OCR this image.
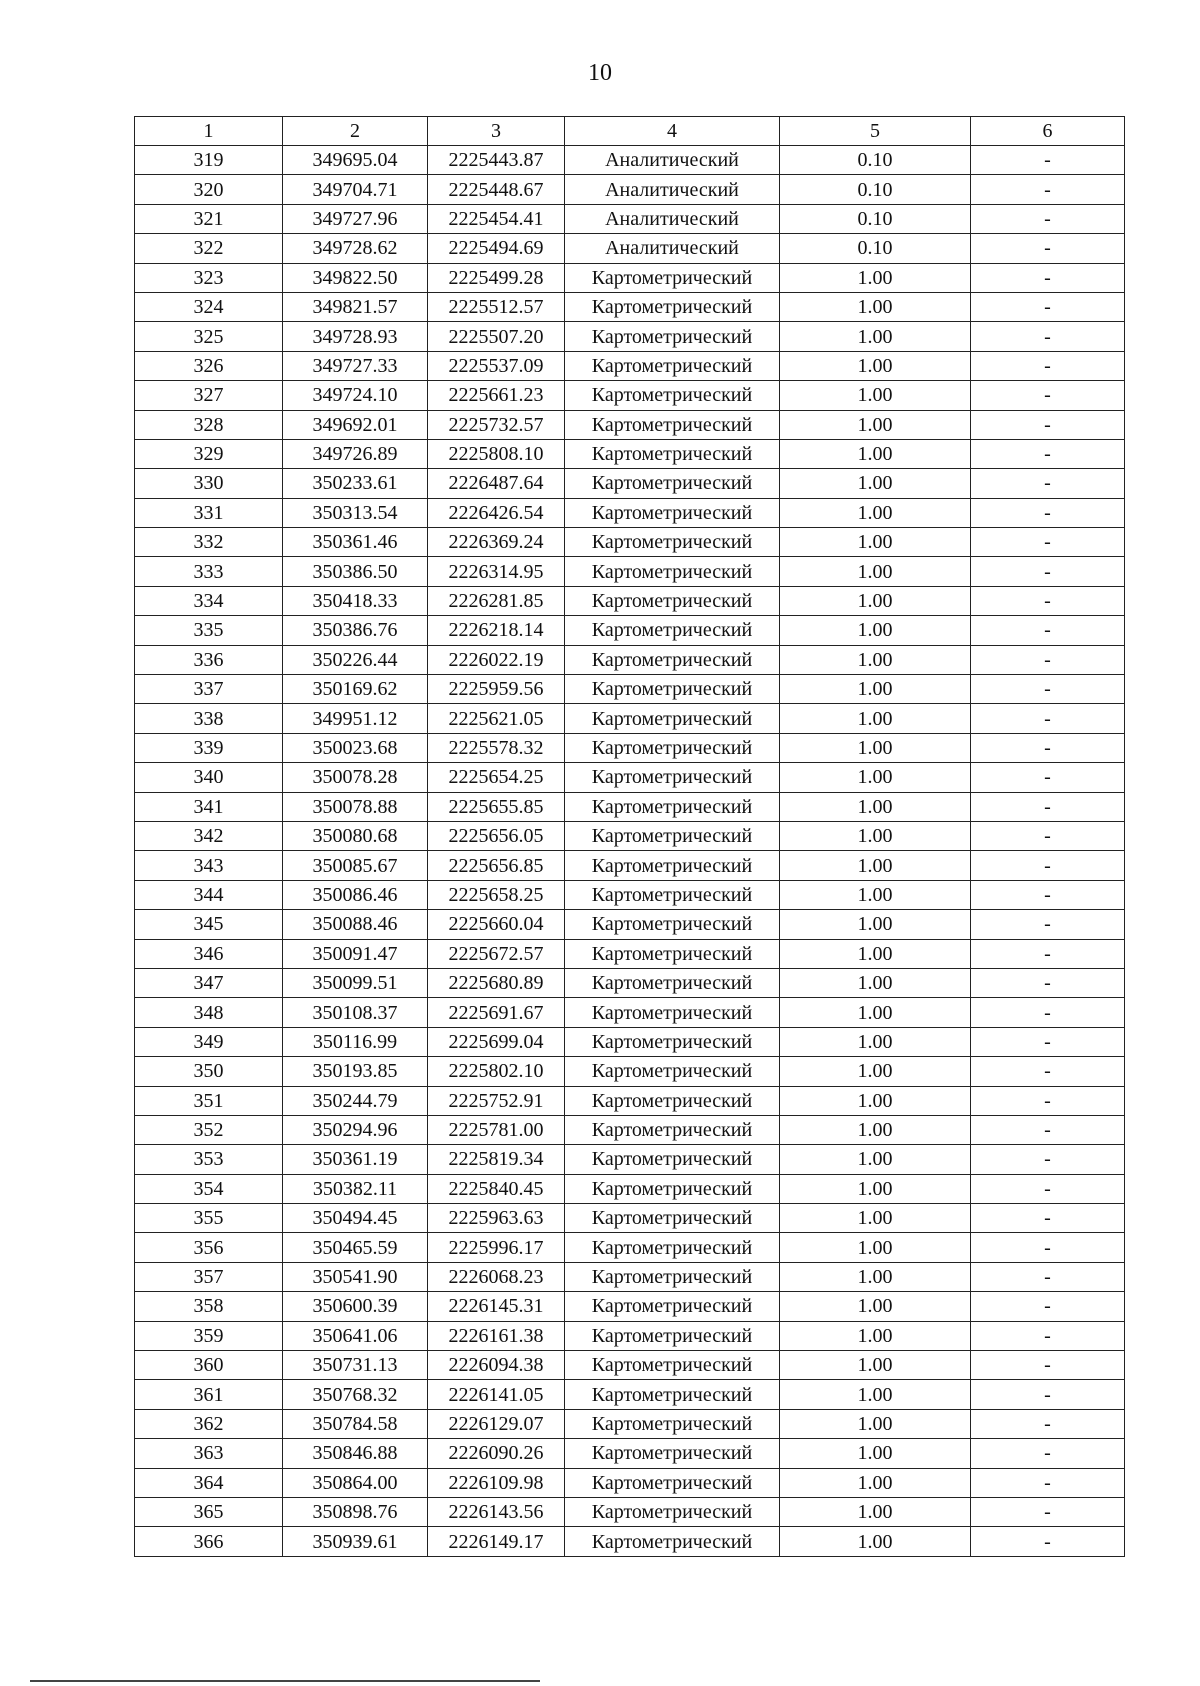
10
1	2	3	4	5	6
319	349695.04	2225443.87	Аналитический	0.10	-
320	349704.71	2225448.67	Аналитический	0.10	-
321	349727.96	2225454.41	Аналитический	0.10	-
322	349728.62	2225494.69	Аналитический	0.10	-
323	349822.50	2225499.28	Картометрический	1.00	-
324	349821.57	2225512.57	Картометрический	1.00	-
325	349728.93	2225507.20	Картометрический	1.00	-
326	349727.33	2225537.09	Картометрический	1.00	-
327	349724.10	2225661.23	Картометрический	1.00	-
328	349692.01	2225732.57	Картометрический	1.00	-
329	349726.89	2225808.10	Картометрический	1.00	-
330	350233.61	2226487.64	Картометрический	1.00	-
331	350313.54	2226426.54	Картометрический	1.00	-
332	350361.46	2226369.24	Картометрический	1.00	-
333	350386.50	2226314.95	Картометрический	1.00	-
334	350418.33	2226281.85	Картометрический	1.00	-
335	350386.76	2226218.14	Картометрический	1.00	-
336	350226.44	2226022.19	Картометрический	1.00	-
337	350169.62	2225959.56	Картометрический	1.00	-
338	349951.12	2225621.05	Картометрический	1.00	-
339	350023.68	2225578.32	Картометрический	1.00	-
340	350078.28	2225654.25	Картометрический	1.00	-
341	350078.88	2225655.85	Картометрический	1.00	-
342	350080.68	2225656.05	Картометрический	1.00	-
343	350085.67	2225656.85	Картометрический	1.00	-
344	350086.46	2225658.25	Картометрический	1.00	-
345	350088.46	2225660.04	Картометрический	1.00	-
346	350091.47	2225672.57	Картометрический	1.00	-
347	350099.51	2225680.89	Картометрический	1.00	-
348	350108.37	2225691.67	Картометрический	1.00	-
349	350116.99	2225699.04	Картометрический	1.00	-
350	350193.85	2225802.10	Картометрический	1.00	-
351	350244.79	2225752.91	Картометрический	1.00	-
352	350294.96	2225781.00	Картометрический	1.00	-
353	350361.19	2225819.34	Картометрический	1.00	-
354	350382.11	2225840.45	Картометрический	1.00	-
355	350494.45	2225963.63	Картометрический	1.00	-
356	350465.59	2225996.17	Картометрический	1.00	-
357	350541.90	2226068.23	Картометрический	1.00	-
358	350600.39	2226145.31	Картометрический	1.00	-
359	350641.06	2226161.38	Картометрический	1.00	-
360	350731.13	2226094.38	Картометрический	1.00	-
361	350768.32	2226141.05	Картометрический	1.00	-
362	350784.58	2226129.07	Картометрический	1.00	-
363	350846.88	2226090.26	Картометрический	1.00	-
364	350864.00	2226109.98	Картометрический	1.00	-
365	350898.76	2226143.56	Картометрический	1.00	-
366	350939.61	2226149.17	Картометрический	1.00	-
